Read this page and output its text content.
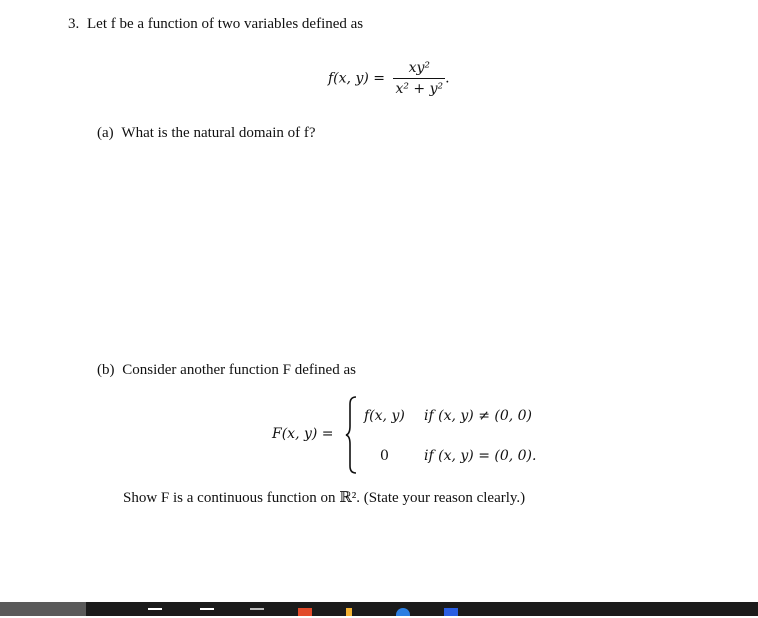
3. Let f be a function of two variables defined as
f(x, $y) = \frac{\text{xy²}}{\text{x² + y²}}$ .
(a) What is the natural domain of f?
(b) Consider another function F defined as
F(x, y) =
f(x, y) if (x, y) ≠ (0, 0)
0	if (x, y) = (0, 0).
Show F is a continuous function on ℝ². (State your reason clearly.)
